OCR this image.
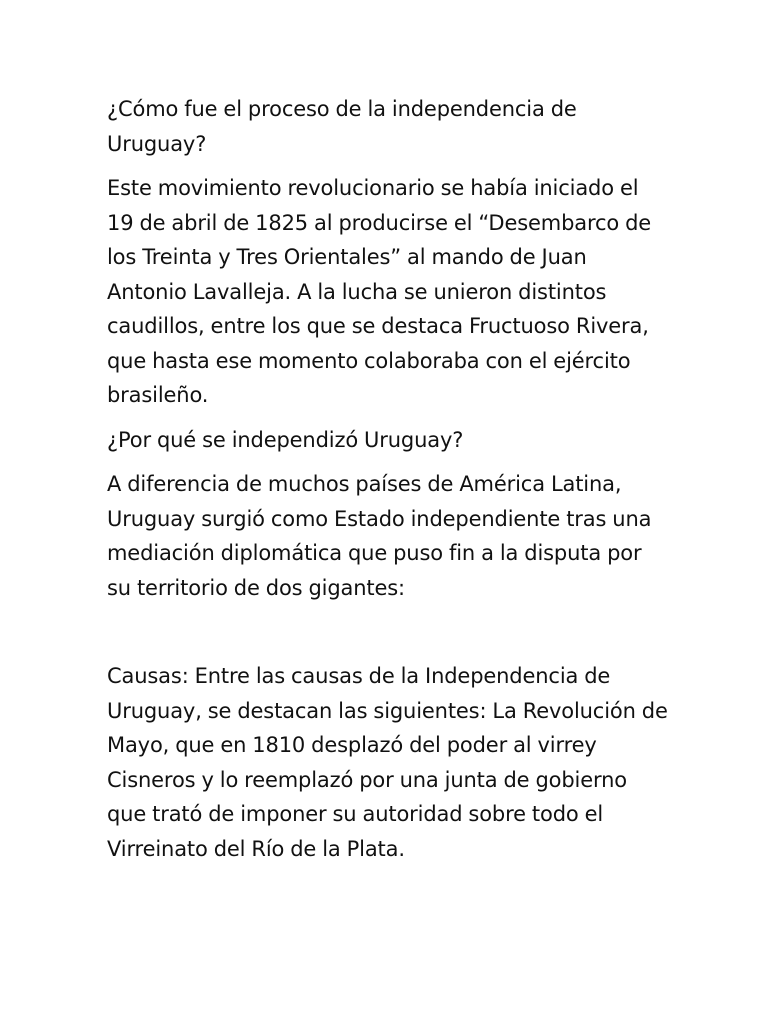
¿Cómo fue el proceso de la independencia de
Uruguay?

Este movimiento revolucionario se había iniciado el
19 de abril de 1825 al producirse el “Desembarco de
los Treinta y Tres Orientales” al mando de Juan
Antonio Lavalleja. A la lucha se unieron distintos
caudillos, entre los que se destaca Fructuoso Rivera,
que hasta ese momento colaboraba con el ejército
brasileño.

¿Por qué se independizó Uruguay?

A diferencia de muchos países de América Latina,
Uruguay surgió como Estado independiente tras una
mediación diplomática que puso fin a la disputa por
su territorio de dos gigantes:

Causas: Entre las causas de la Independencia de
Uruguay, se destacan las siguientes: La Revolución de
Mayo, que en 1810 desplazó del poder al virrey
Cisneros y lo reemplazó por una junta de gobierno
que trató de imponer su autoridad sobre todo el
Virreinato del Río de la Plata.
